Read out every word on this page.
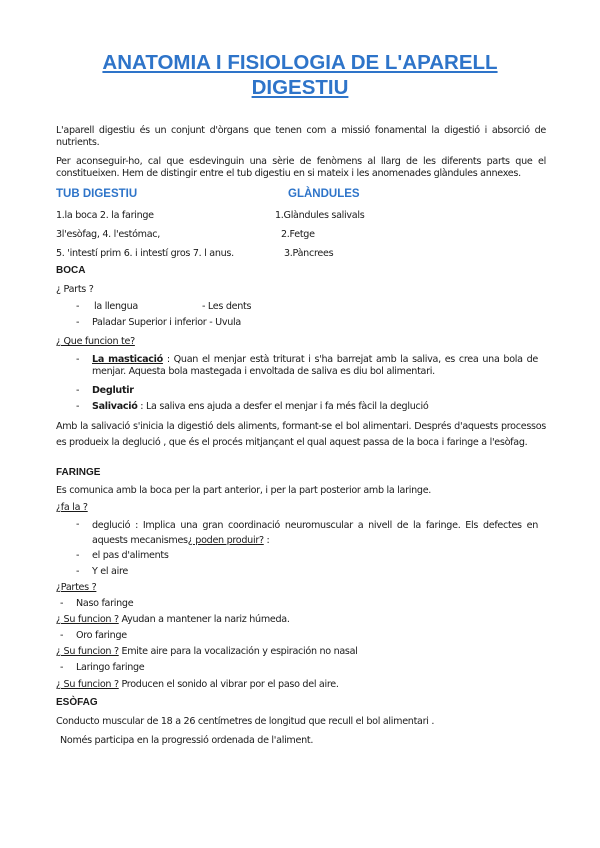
ANATOMIA I FISIOLOGIA DE L'APARELL
DIGESTIU
L'aparell digestiu és un conjunt d'òrgans que tenen com a missió fonamental la digestió i absorció de nutrients.
Per aconseguir-ho, cal que esdevinguin una sèrie de fenòmens al llarg de les diferents parts que el constitueixen. Hem de distingir entre el tub digestiu en si mateix i les anomenades glàndules annexes.
TUB DIGESTIU	GLÀNDULES
1.la boca 2. la faringe
3l'esòfag, 4. l'estómac,
5. 'intestí prim 6. i intestí gros 7. l anus.
1.Glàndules salivals
2.Fetge
3.Pàncrees
BOCA
¿ Parts ?
- la llengua	- Les dents
- Paladar Superior i inferior - Uvula
¿ Que funcion te?
- La masticació : Quan el menjar està triturat i s'ha barrejat amb la saliva, es crea una bola de menjar. Aquesta bola mastegada i envoltada de saliva es diu bol alimentari.
- Deglutir
- Salivació : La saliva ens ajuda a desfer el menjar i fa més fàcil la deglució
Amb la salivació s'inicia la digestió dels aliments, formant-se el bol alimentari. Després d'aquests processos es produeix la deglució , que és el procés mitjançant el qual aquest passa de la boca i faringe a l'esòfag.
FARINGE
Es comunica amb la boca per la part anterior, i per la part posterior amb la laringe.
¿fa la ?
- deglució : Implica una gran coordinació neuromuscular a nivell de la faringe. Els defectes en aquests mecanismes¿ poden produir? :
- el pas d'aliments
- Y el aire
¿Partes ?
- Naso faringe
¿ Su funcion ? Ayudan a mantener la nariz húmeda.
- Oro faringe
¿ Su funcion ? Emite aire para la vocalización y espiración no nasal
- Laringo faringe
¿ Su funcion ? Producen el sonido al vibrar por el paso del aire.
ESÒFAG
Conducto muscular de 18 a 26 centímetres de longitud que recull el bol alimentari .
Només participa en la progressió ordenada de l'aliment.
